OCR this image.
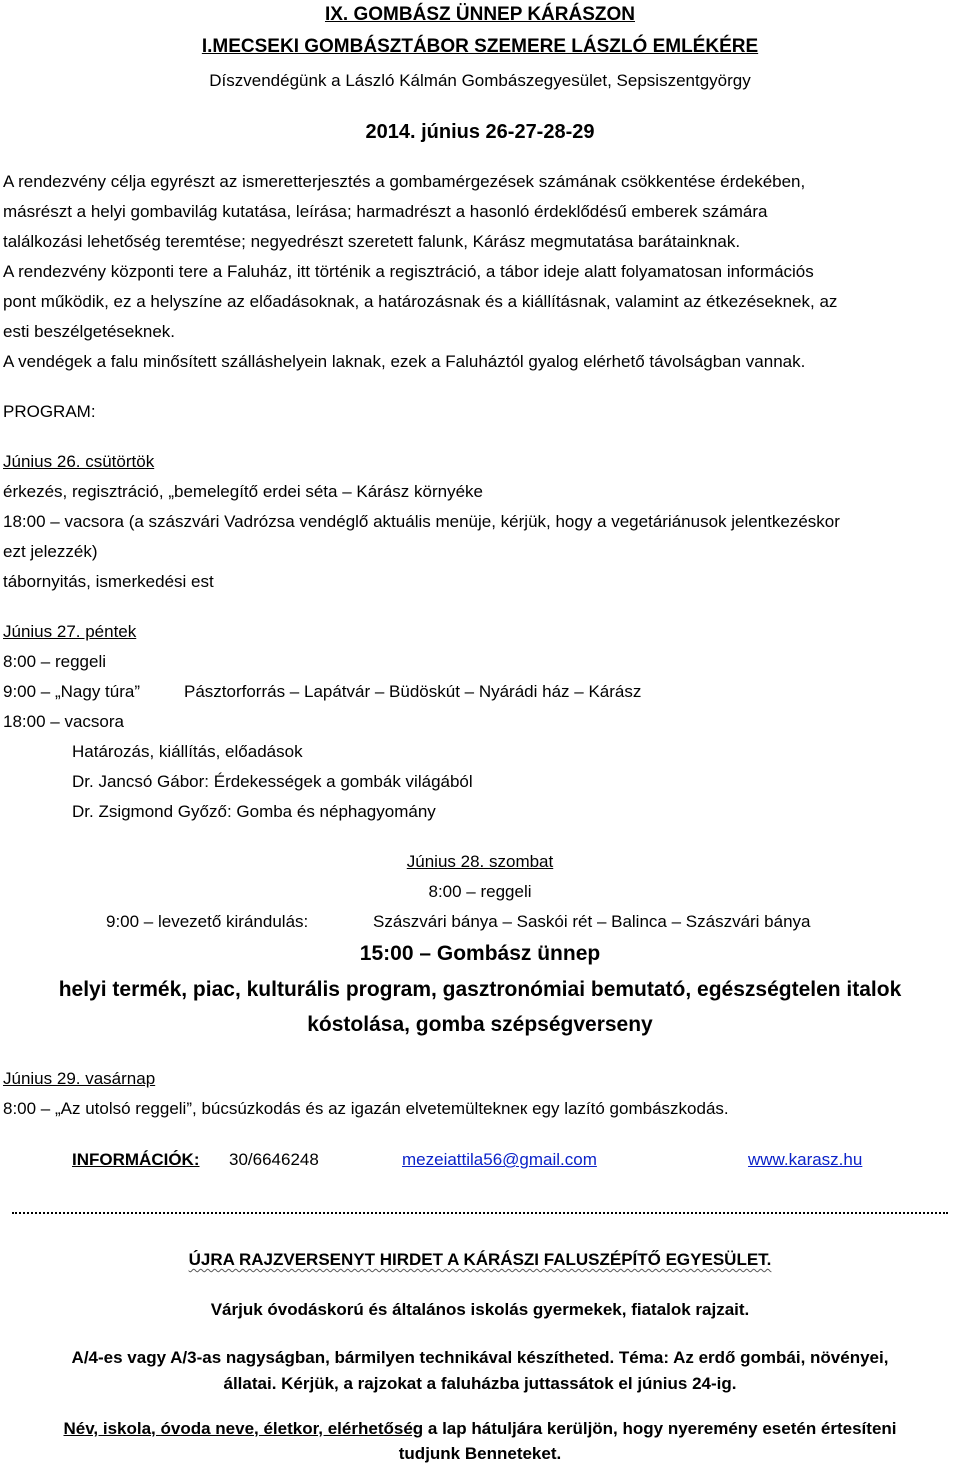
IX. GOMBÁSZ ÜNNEP KÁRÁSZON
I.MECSEKI GOMBÁSZTÁBOR SZEMERE LÁSZLÓ EMLÉKÉRE
Díszvendégünk a László Kálmán Gombászegyesület, Sepsiszentgyörgy
2014. június 26-27-28-29
A rendezvény célja egyrészt az ismeretterjesztés a gombamérgezések számának csökkentése érdekében,
másrészt a helyi gombavilág kutatása, leírása; harmadrészt a hasonló érdeklődésű emberek számára
találkozási lehetőség teremtése; negyedrészt szeretett falunk, Kárász megmutatása barátainknak.
A rendezvény központi tere a Faluház, itt történik a regisztráció, a tábor ideje alatt folyamatosan információs
pont működik, ez a helyszíne az előadásoknak, a határozásnak és a kiállításnak, valamint az étkezéseknek, az
esti beszélgetéseknek.
A vendégek a falu minősített szálláshelyein laknak, ezek a Faluháztól gyalog elérhető távolságban vannak.
PROGRAM:
Június 26. csütörtök
érkezés, regisztráció, „bemelegítő erdei séta – Kárász környéke
18:00 – vacsora (a szászvári Vadrózsa vendéglő aktuális menüje, kérjük, hogy a vegetáriánusok jelentkezéskor
ezt jelezzék)
tábornyitás, ismerkedési est
Június 27. péntek
8:00 – reggeli
9:00 – „Nagy túra”	Pásztorforrás – Lapátvár – Büdöskút – Nyárádi ház – Kárász
18:00 – vacsora
Határozás, kiállítás, előadások
Dr. Jancsó Gábor: Érdekességek a gombák világából
Dr. Zsigmond Győző: Gomba és néphagyomány
Június 28. szombat
8:00 – reggeli
9:00 – levezető kirándulás:	Szászvári bánya – Saskói rét – Balinca – Szászvári bánya
15:00 – Gombász ünnep
helyi termék, piac, kulturális program, gasztronómiai bemutató, egészségtelen italok
kóstolása, gomba szépségverseny
Június 29. vasárnap
8:00 – „Az utolsó reggeli”, búcsúzkodás és az igazán elvetemültekneк egy lazító gombászkodás.
INFORMÁCIÓK: 30/6646248	mezeiattila56@gmail.com	www.karasz.hu
ÚJRA RAJZVERSENYT HIRDET A KÁRÁSZI FALUSZÉPÍTŐ EGYESÜLET.
Várjuk óvodáskorú és általános iskolás gyermekek, fiatalok rajzait.
A/4-es vagy A/3-as nagyságban, bármilyen technikával készítheted. Téma: Az erdő gombái, növényei,
állatai. Kérjük, a rajzokat a faluházba juttassátok el június 24-ig.
Név, iskola, óvoda neve, életkor, elérhetőség a lap hátuljára kerüljön, hogy nyeremény esetén értesíteni
tudjunk Benneteket.
